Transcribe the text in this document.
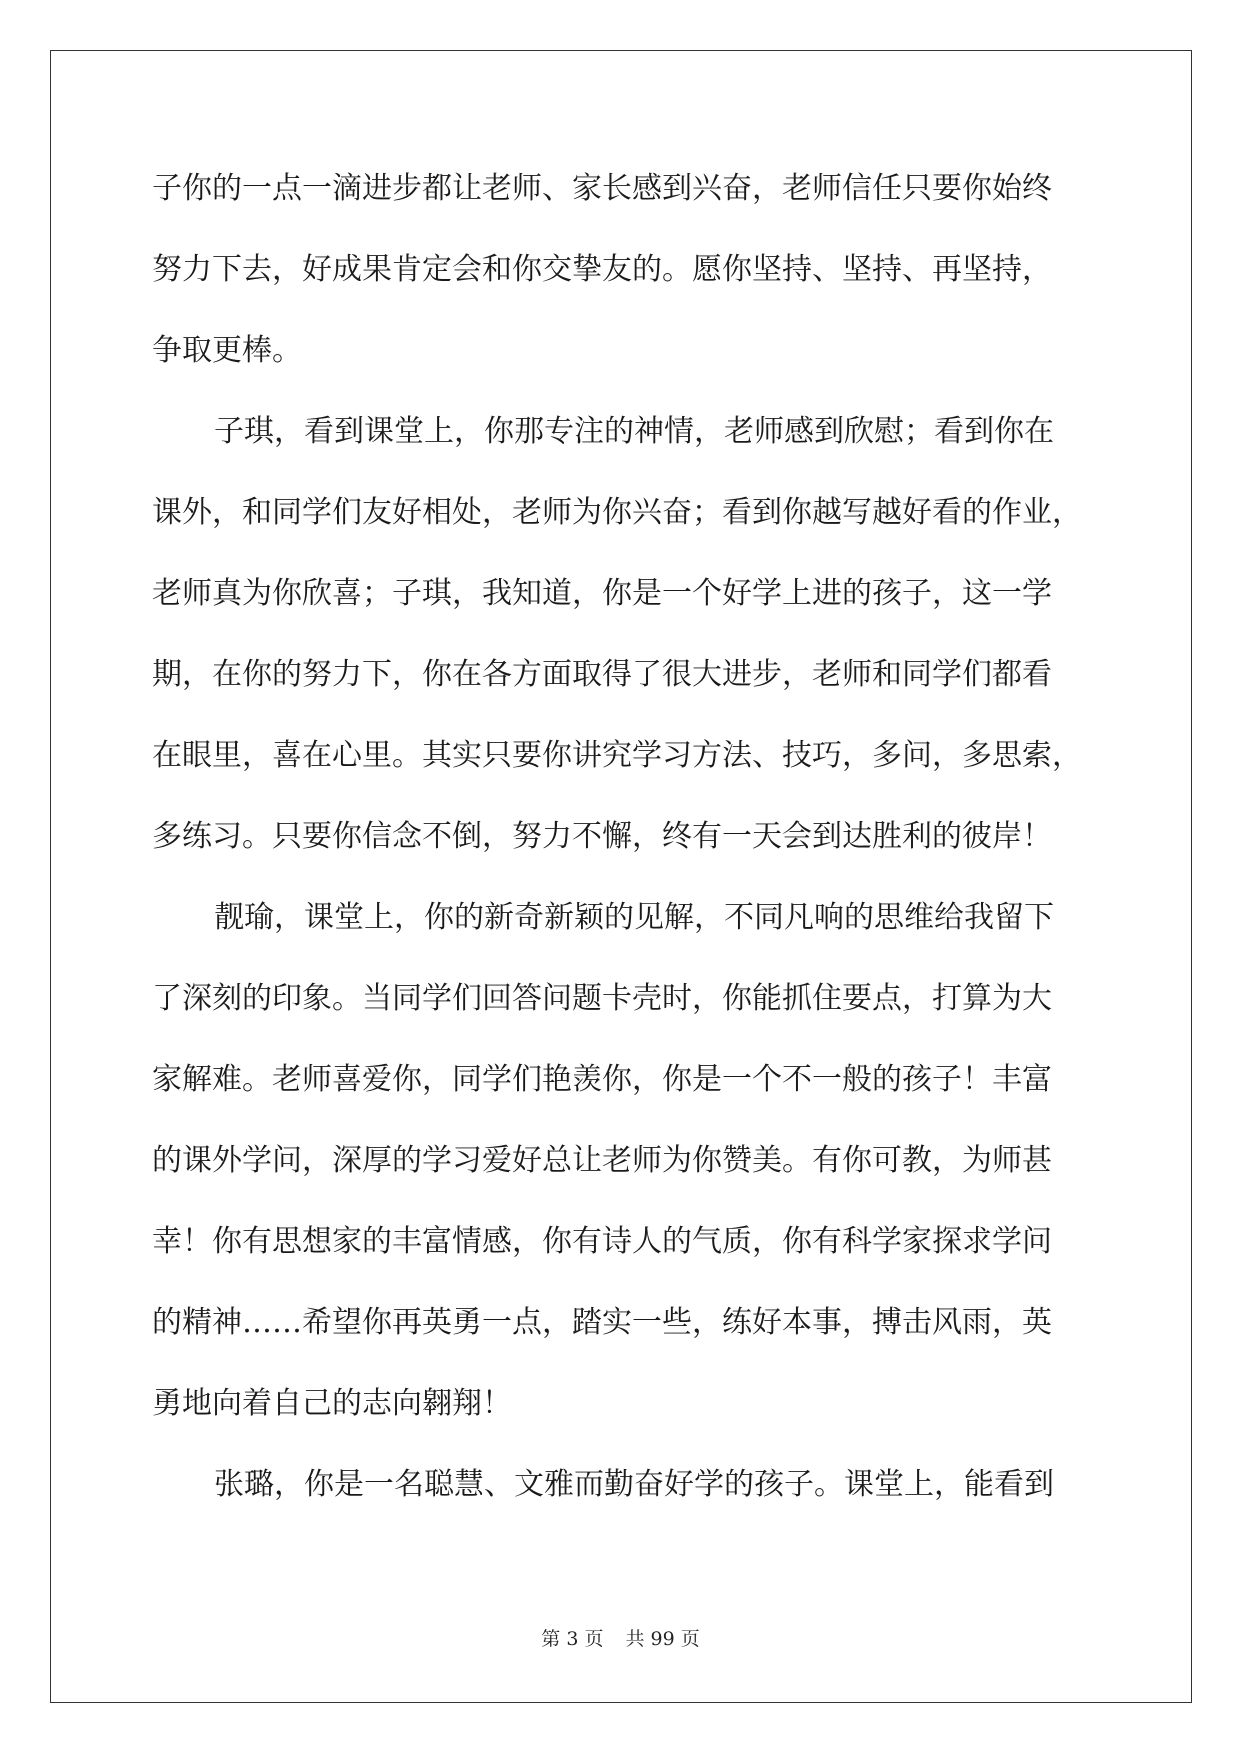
子你的一点一滴进步都让老师、家长感到兴奋，老师信任只要你始终
努力下去，好成果肯定会和你交挚友的。愿你坚持、坚持、再坚持，
争取更棒。
子琪，看到课堂上，你那专注的神情，老师感到欣慰；看到你在
课外，和同学们友好相处，老师为你兴奋；看到你越写越好看的作业，
老师真为你欣喜；子琪，我知道，你是一个好学上进的孩子，这一学
期，在你的努力下，你在各方面取得了很大进步，老师和同学们都看
在眼里，喜在心里。其实只要你讲究学习方法、技巧，多问，多思索，
多练习。只要你信念不倒，努力不懈，终有一天会到达胜利的彼岸！
靓瑜，课堂上，你的新奇新颖的见解，不同凡响的思维给我留下
了深刻的印象。当同学们回答问题卡壳时，你能抓住要点，打算为大
家解难。老师喜爱你，同学们艳羡你，你是一个不一般的孩子！丰富
的课外学问，深厚的学习爱好总让老师为你赞美。有你可教，为师甚
幸！你有思想家的丰富情感，你有诗人的气质，你有科学家探求学问
的精神……希望你再英勇一点，踏实一些，练好本事，搏击风雨，英
勇地向着自己的志向翱翔！
张璐，你是一名聪慧、文雅而勤奋好学的孩子。课堂上，能看到
第 3 页 共 99 页
